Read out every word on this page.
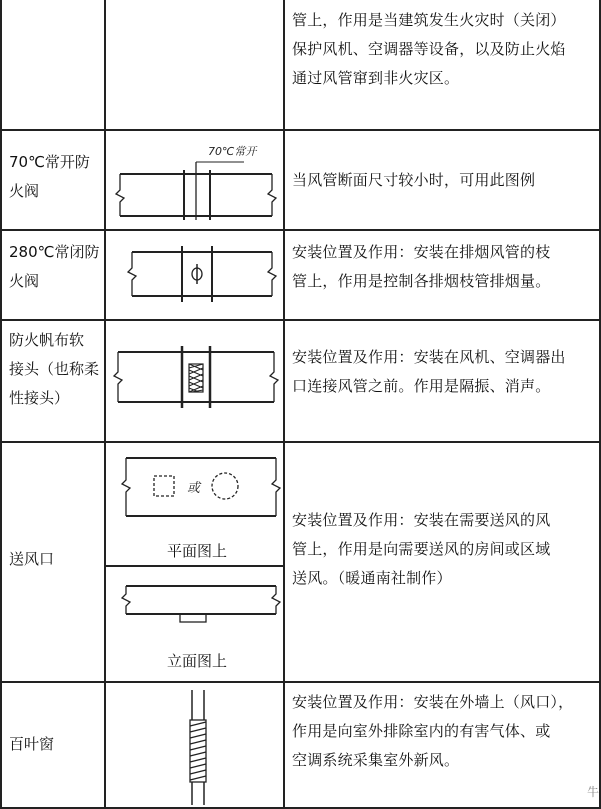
管上，作用是当建筑发生火灾时（关闭）
保护风机、空调器等设备，以及防止火焰
通过风管窜到非火灾区。
70℃常开防
火阀
70℃常开
当风管断面尺寸较小时，可用此图例
280℃常闭防
火阀
安装位置及作用：安装在排烟风管的枝
管上，作用是控制各排烟枝管排烟量。
防火帆布软
接头（也称柔
性接头）
安装位置及作用：安装在风机、空调器出
口连接风管之前。作用是隔振、消声。
送风口
或
平面图上
立面图上
安装位置及作用：安装在需要送风的风
管上，作用是向需要送风的房间或区域
送风。（暖通南社制作）
百叶窗
安装位置及作用：安装在外墙上（风口），
作用是向室外排除室内的有害气体、或
空调系统采集室外新风。
牛
